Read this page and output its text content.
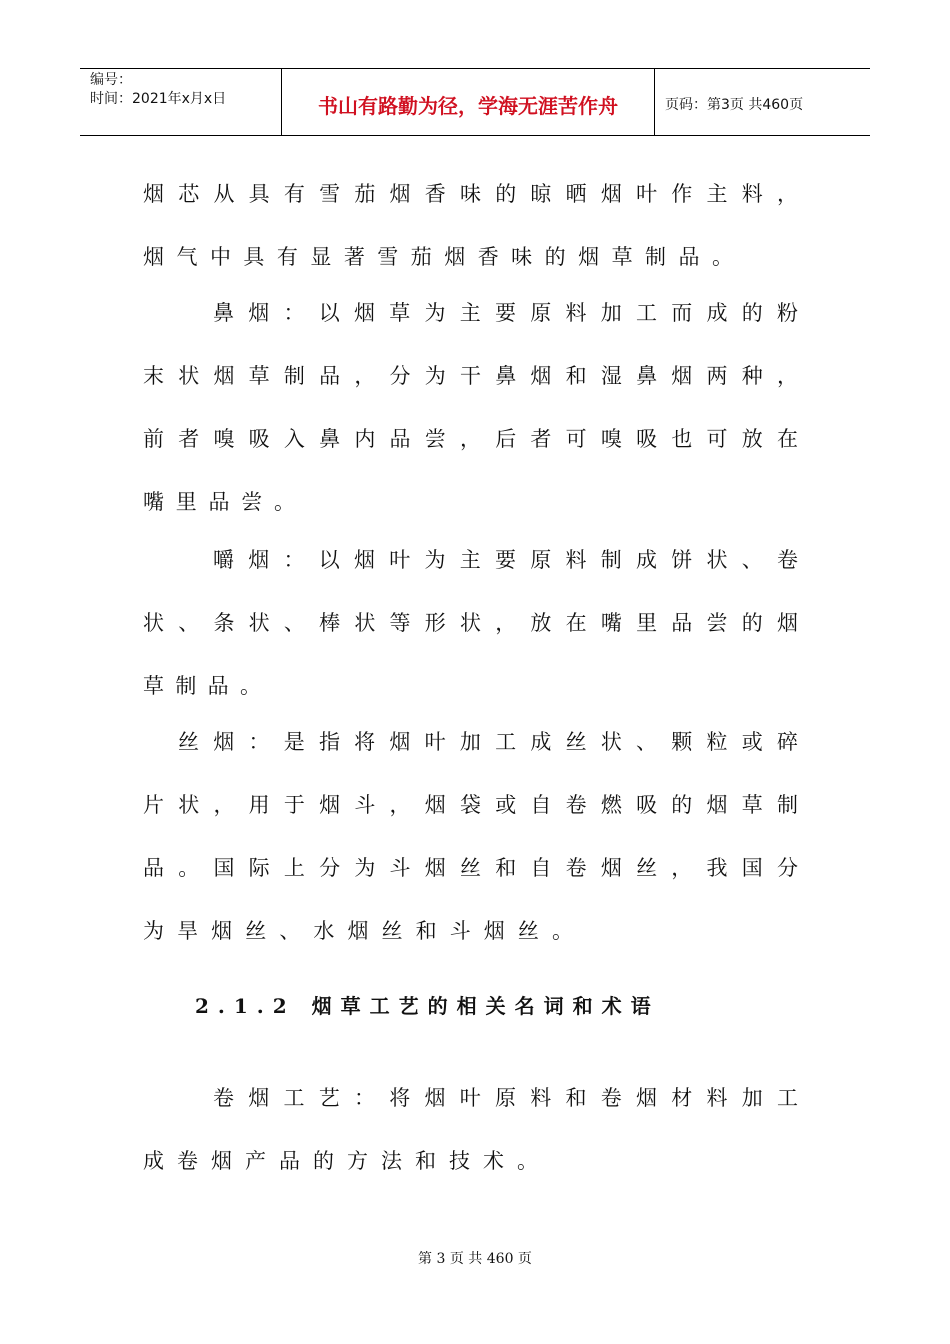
编号：
时间：2021年x月x日	书山有路勤为径，学海无涯苦作舟	页码：第3页 共460页
烟 芯 从 具 有 雪 茄 烟 香 味 的 晾 晒 烟 叶 作 主 料 ，
烟 气 中 具 有 显 著 雪 茄 烟 香 味 的 烟 草 制 品 。
鼻 烟 ： 以 烟 草 为 主 要 原 料 加 工 而 成 的 粉
末 状 烟 草 制 品 ， 分 为 干 鼻 烟 和 湿 鼻 烟 两 种 ，
前 者 嗅 吸 入 鼻 内 品 尝 ， 后 者 可 嗅 吸 也 可 放 在
嘴 里 品 尝 。
嚼 烟 ： 以 烟 叶 为 主 要 原 料 制 成 饼 状 、 卷
状 、 条 状 、 棒 状 等 形 状 ， 放 在 嘴 里 品 尝 的 烟
草 制 品 。
丝 烟 ： 是 指 将 烟 叶 加 工 成 丝 状 、 颗 粒 或 碎
片 状 ， 用 于 烟 斗 ， 烟 袋 或 自 卷 燃 吸 的 烟 草 制
品 。 国 际 上 分 为 斗 烟 丝 和 自 卷 烟 丝 ， 我 国 分
为 旱 烟 丝 、 水 烟 丝 和 斗 烟 丝 。
卷 烟 工 艺 ： 将 烟 叶 原 料 和 卷 烟 材 料 加 工
成 卷 烟 产 品 的 方 法 和 技 术 。
2.1.2 烟草工艺的相关名词和术语
第 3 页 共 460 页
